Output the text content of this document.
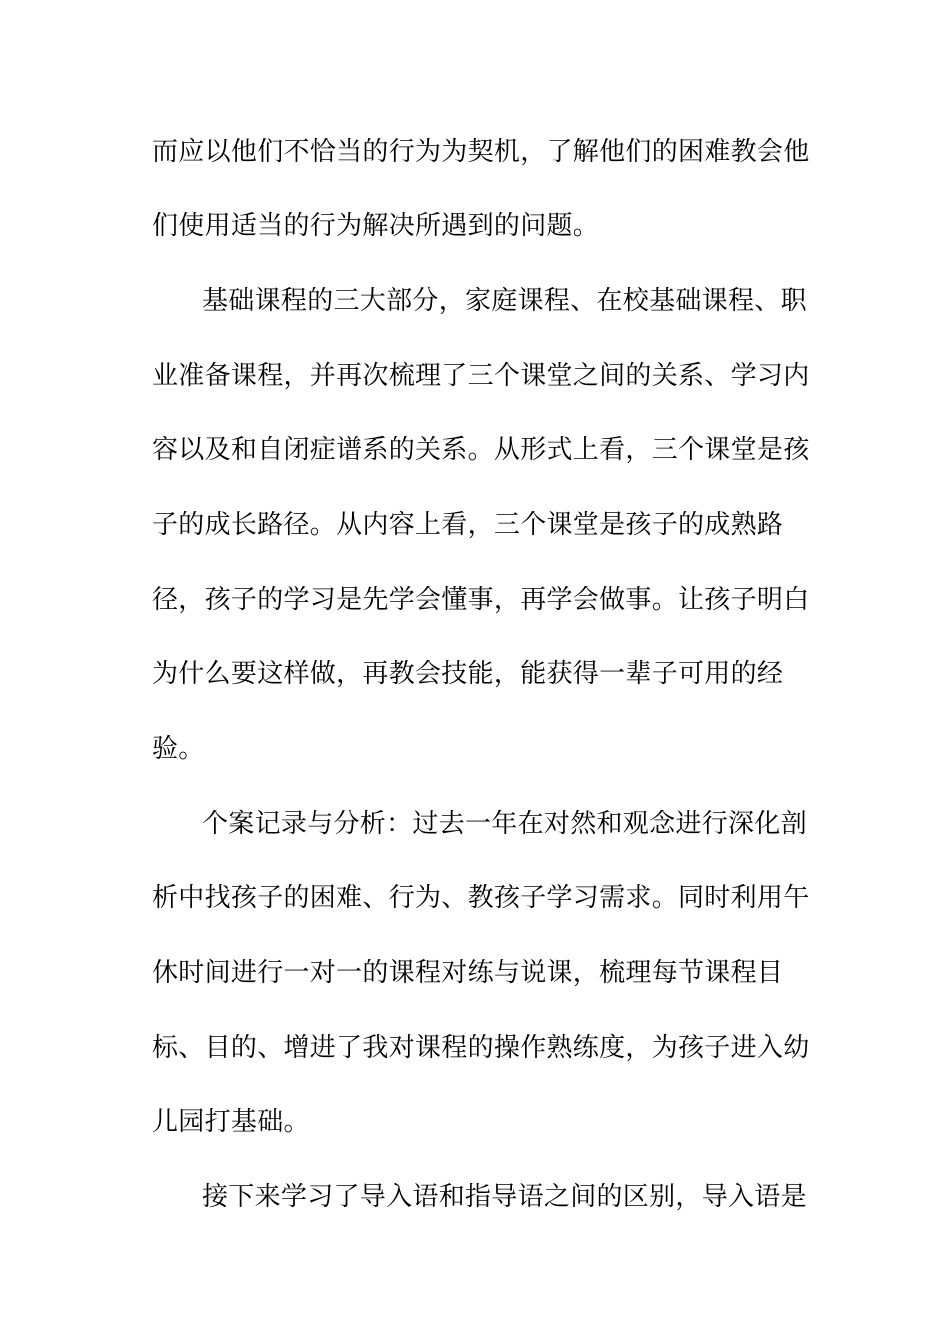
而应以他们不恰当的行为为契机，了解他们的困难教会他
们使用适当的行为解决所遇到的问题。
基础课程的三大部分，家庭课程、在校基础课程、职
业准备课程，并再次梳理了三个课堂之间的关系、学习内
容以及和自闭症谱系的关系。从形式上看，三个课堂是孩
子的成长路径。从内容上看，三个课堂是孩子的成熟路
径，孩子的学习是先学会懂事，再学会做事。让孩子明白
为什么要这样做，再教会技能，能获得一辈子可用的经
验。
个案记录与分析：过去一年在对然和观念进行深化剖
析中找孩子的困难、行为、教孩子学习需求。同时利用午
休时间进行一对一的课程对练与说课，梳理每节课程目
标、目的、增进了我对课程的操作熟练度，为孩子进入幼
儿园打基础。
接下来学习了导入语和指导语之间的区别，导入语是
